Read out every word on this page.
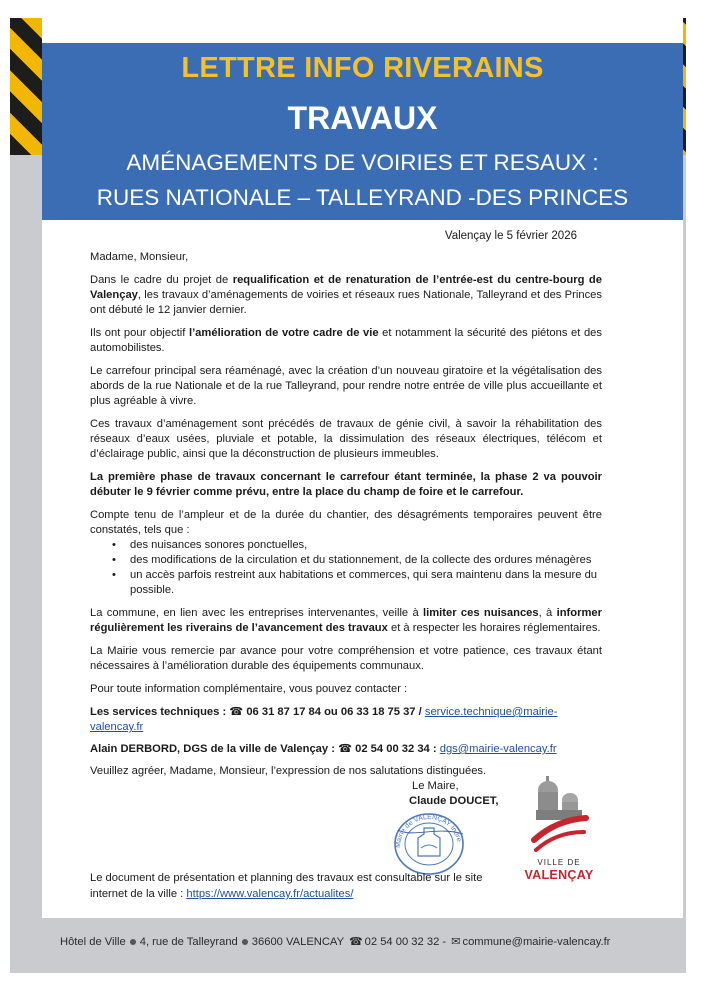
LETTRE INFO RIVERAINS
TRAVAUX
AMÉNAGEMENTS DE VOIRIES ET RESAUX :
RUES NATIONALE – TALLEYRAND -DES PRINCES
Valençay le 5 février 2026

Madame, Monsieur,

Dans le cadre du projet de requalification et de renaturation de l’entrée-est du centre-bourg de Valençay, les travaux d’aménagements de voiries et réseaux rues Nationale, Talleyrand et des Princes ont débuté le 12 janvier dernier.

Ils ont pour objectif l’amélioration de votre cadre de vie et notamment la sécurité des piétons et des automobilistes.

Le carrefour principal sera réaménagé, avec la création d’un nouveau giratoire et la végétalisation des abords de la rue Nationale et de la rue Talleyrand, pour rendre notre entrée de ville plus accueillante et plus agréable à vivre.

Ces travaux d’aménagement sont précédés de travaux de génie civil, à savoir la réhabilitation des réseaux d’eaux usées, pluviale et potable, la dissimulation des réseaux électriques, télécom et d’éclairage public, ainsi que la déconstruction de plusieurs immeubles.

La première phase de travaux concernant le carrefour étant terminée, la phase 2 va pouvoir débuter le 9 février comme prévu, entre la place du champ de foire et le carrefour.

Compte tenu de l’ampleur et de la durée du chantier, des désagréments temporaires peuvent être constatés, tels que :

• des nuisances sonores ponctuelles,
• des modifications de la circulation et du stationnement, de la collecte des ordures ménagères
• un accès parfois restreint aux habitations et commerces, qui sera maintenu dans la mesure du possible.

La commune, en lien avec les entreprises intervenantes, veille à limiter ces nuisances, à informer régulièrement les riverains de l’avancement des travaux et à respecter les horaires réglementaires.

La Mairie vous remercie par avance pour votre compréhension et votre patience, ces travaux étant nécessaires à l’amélioration durable des équipements communaux.

Pour toute information complémentaire, vous pouvez contacter :

Les services techniques : ☎ 06 31 87 17 84 ou 06 33 18 75 37 / service.technique@mairie-valencay.fr

Alain DERBORD, DGS de la ville de Valençay : ☎ 02 54 00 32 34 : dgs@mairie-valencay.fr

Veuillez agréer, Madame, Monsieur, l’expression de nos salutations distinguées.

Le Maire,
Claude DOUCET,
Mairie de VALENÇAY Indre
VILLE DE
VALENÇAY
Le document de présentation et planning des travaux est consultable sur le site internet de la ville : https://www.valencay.fr/actualites/
Hôtel de Ville 4, rue de Talleyrand 36600 VALENCAY ☎ 02 54 00 32 32 - ✉ commune@mairie-valencay.fr
